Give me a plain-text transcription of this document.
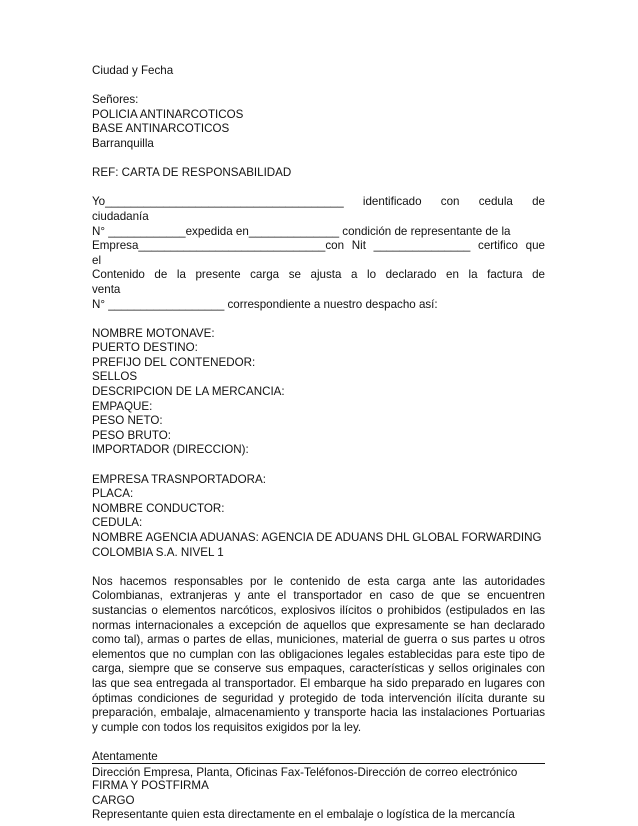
Ciudad y Fecha
Señores:
POLICIA ANTINARCOTICOS
BASE ANTINARCOTICOS
Barranquilla
REF: CARTA DE RESPONSABILIDAD
Yo_____________________________________ identificado con cedula de
ciudadanía
N° ____________expedida en______________ condición de representante de la
Empresa_____________________________con Nit _______________ certifico que
el
Contenido de la presente carga se ajusta a lo declarado en la factura de
venta
N° __________________ correspondiente a nuestro despacho así:
NOMBRE MOTONAVE:
PUERTO DESTINO:
PREFIJO DEL CONTENEDOR:
SELLOS
DESCRIPCION DE LA MERCANCIA:
EMPAQUE:
PESO NETO:
PESO BRUTO:
IMPORTADOR (DIRECCION):
EMPRESA TRASNPORTADORA:
PLACA:
NOMBRE CONDUCTOR:
CEDULA:
NOMBRE AGENCIA ADUANAS: AGENCIA DE ADUANS DHL GLOBAL FORWARDING
COLOMBIA S.A. NIVEL 1

Nos hacemos responsables por le contenido de esta carga ante las autoridades Colombianas, extranjeras y ante el transportador en caso de que se encuentren sustancias o elementos narcóticos, explosivos ilícitos o prohibidos (estipulados en las normas internacionales a excepción de aquellos que expresamente se han declarado como tal), armas o partes de ellas, municiones, material de guerra o sus partes u otros elementos que no cumplan con las obligaciones legales establecidas para este tipo de carga, siempre que se conserve sus empaques, características y sellos originales con las que sea entregada al transportador. El embarque ha sido preparado en lugares con óptimas condiciones de seguridad y protegido de toda intervención ilícita durante su preparación, embalaje, almacenamiento y transporte hacia las instalaciones Portuarias y cumple con todos los requisitos exigidos por la ley.

Atentamente
FIRMA Y POSTFIRMA
CARGO
Representante quien esta directamente en el embalaje o logística de la mercancía
Dirección Empresa, Planta, Oficinas Fax-Teléfonos-Dirección de correo electrónico
